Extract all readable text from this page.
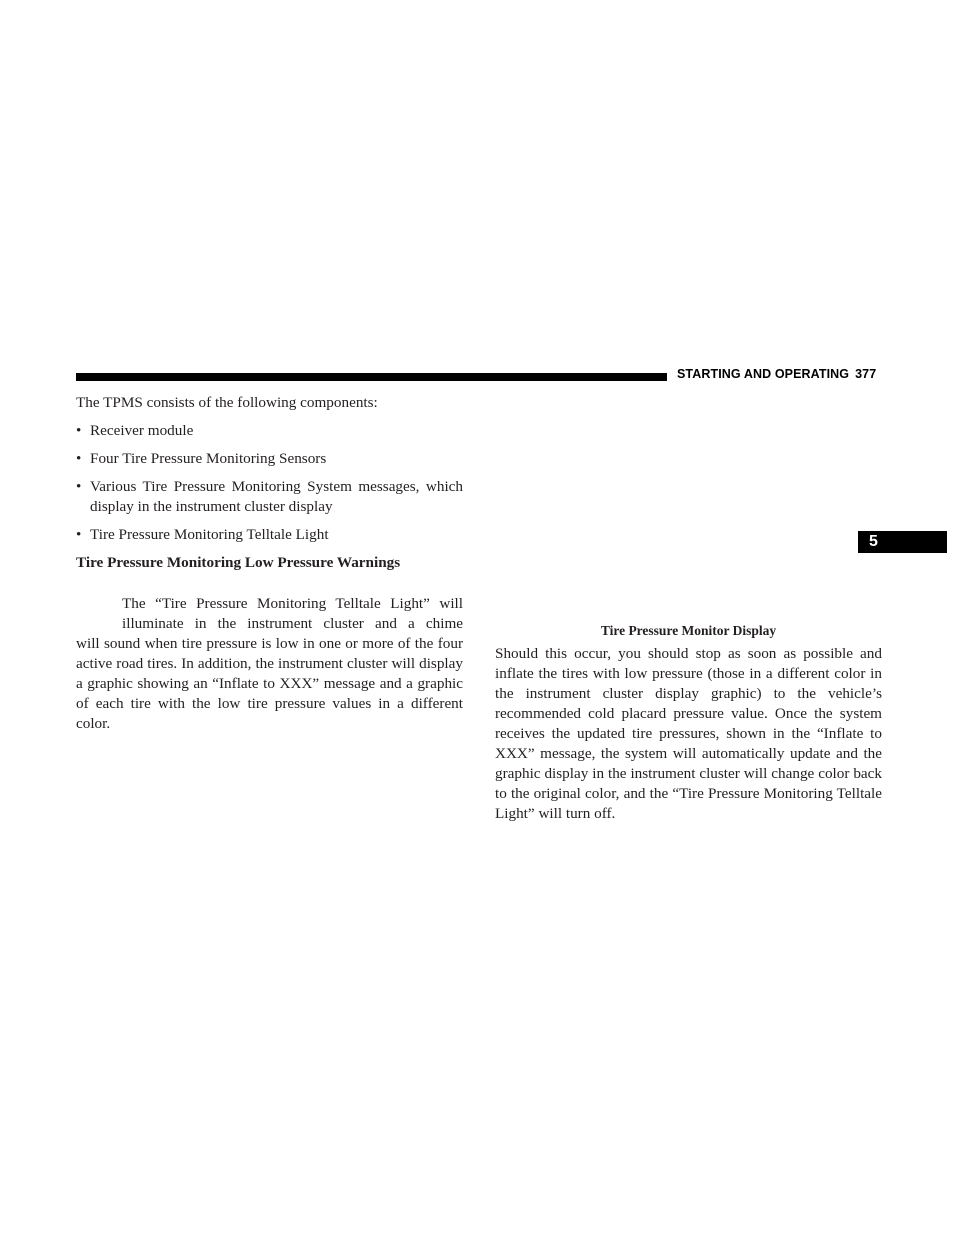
STARTING AND OPERATING 377
5

The TPMS consists of the following components:

• Receiver module
• Four Tire Pressure Monitoring Sensors
• Various Tire Pressure Monitoring System messages, which display in the instrument cluster display
• Tire Pressure Monitoring Telltale Light
Tire Pressure Monitoring Low Pressure Warnings

The “Tire Pressure Monitoring Telltale Light” will

illuminate in the instrument cluster and a chime

will sound when tire pressure is low in one or more of the four active road tires. In addition, the instrument cluster will display a graphic showing an “Inflate to XXX” message and a graphic of each tire with the low tire pressure values in a different color.

Tire Pressure Monitor Display

Should this occur, you should stop as soon as possible and inflate the tires with low pressure (those in a different color in the instrument cluster display graphic) to the vehicle’s recommended cold placard pressure value. Once the system receives the updated tire pressures, shown in the “Inflate to XXX” message, the system will automatically update and the graphic display in the instrument cluster will change color back to the original color, and the “Tire Pressure Monitoring Telltale Light” will turn off.
